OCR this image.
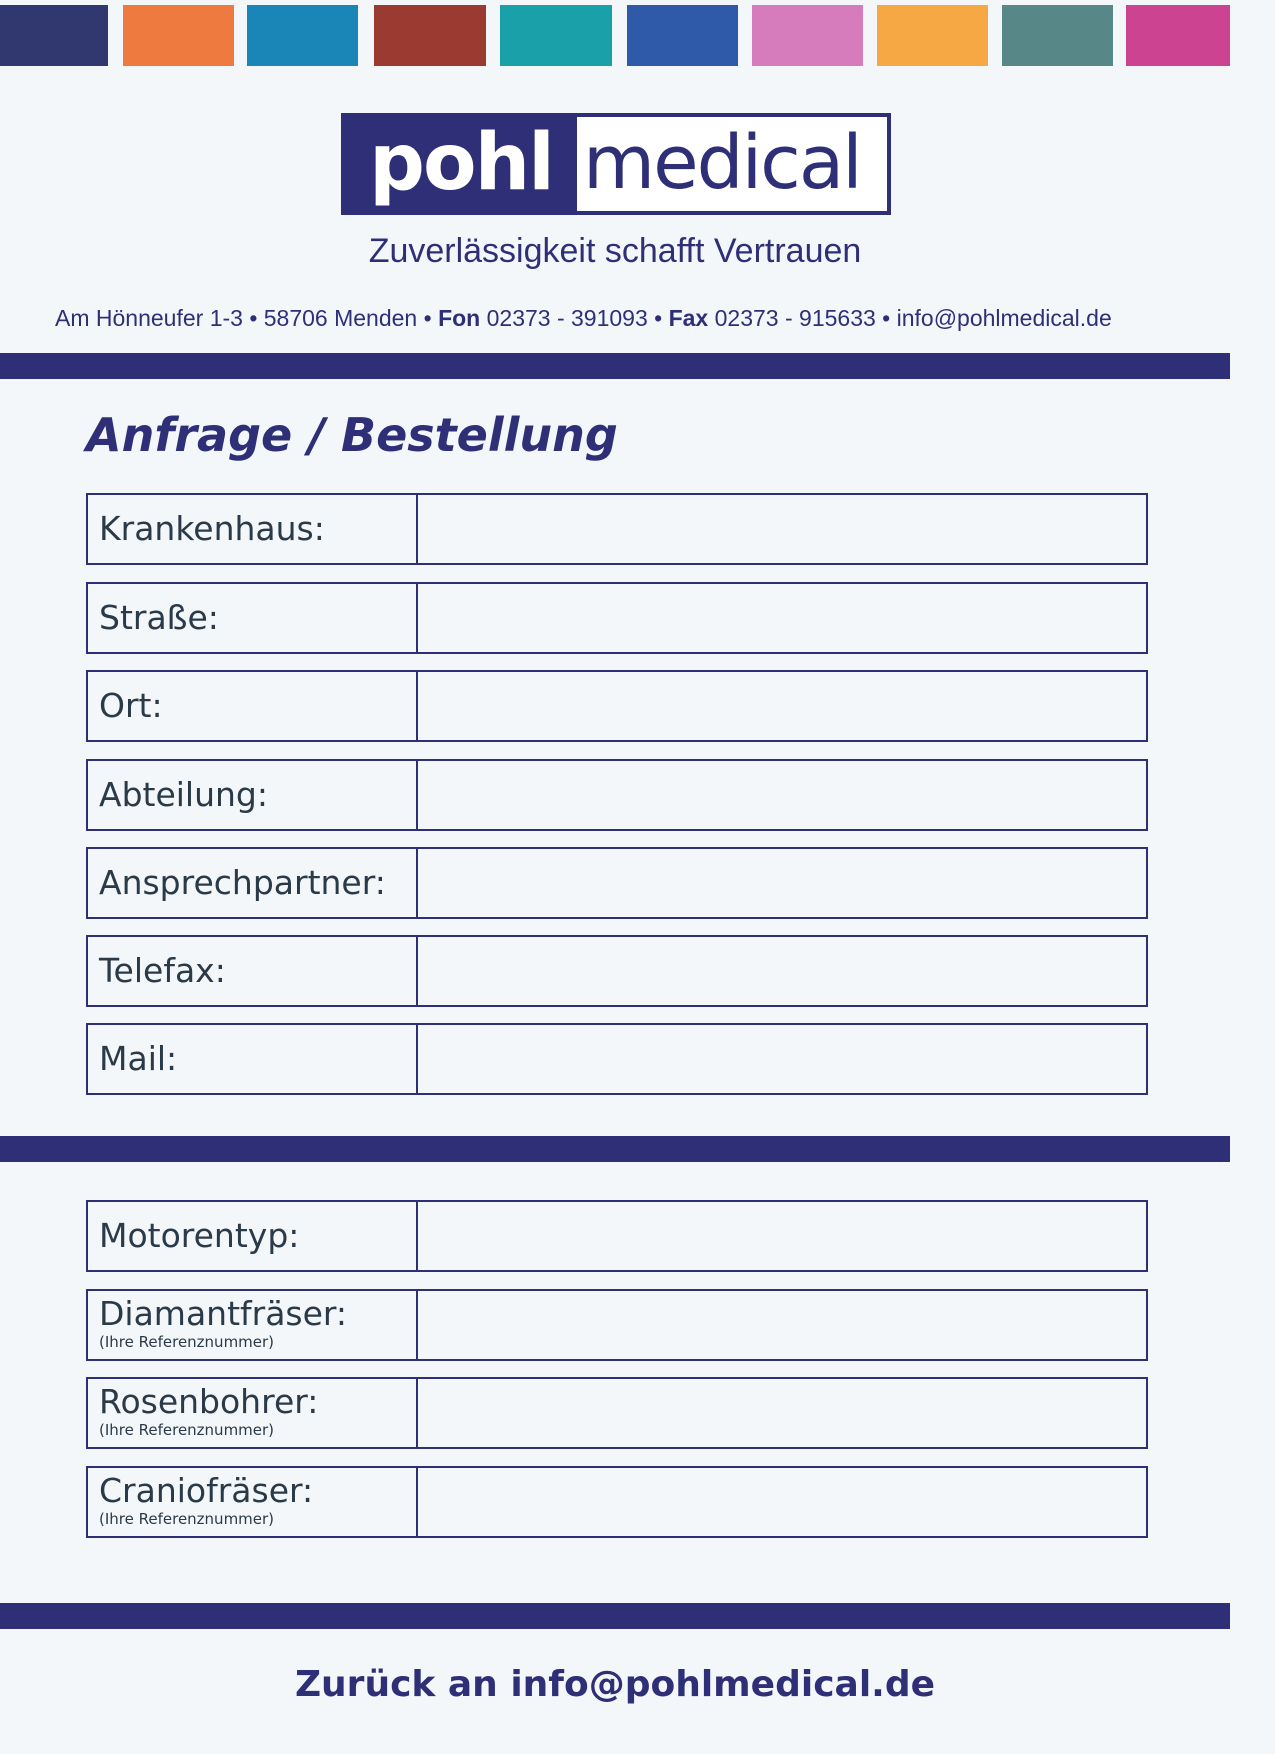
pohl medical
Zuverlässigkeit schafft Vertrauen
Am Hönneufer 1-3 • 58706 Menden • Fon 02373 - 391093 • Fax 02373 - 915633 • info@pohlmedical.de
Anfrage / Bestellung
Krankenhaus:
Straße:
Ort:
Abteilung:
Ansprechpartner:
Telefax:
Mail:
Motorentyp:
Diamantfräser:
(Ihre Referenznummer)
Rosenbohrer:
(Ihre Referenznummer)
Craniofräser:
(Ihre Referenznummer)
Zurück an info@pohlmedical.de
